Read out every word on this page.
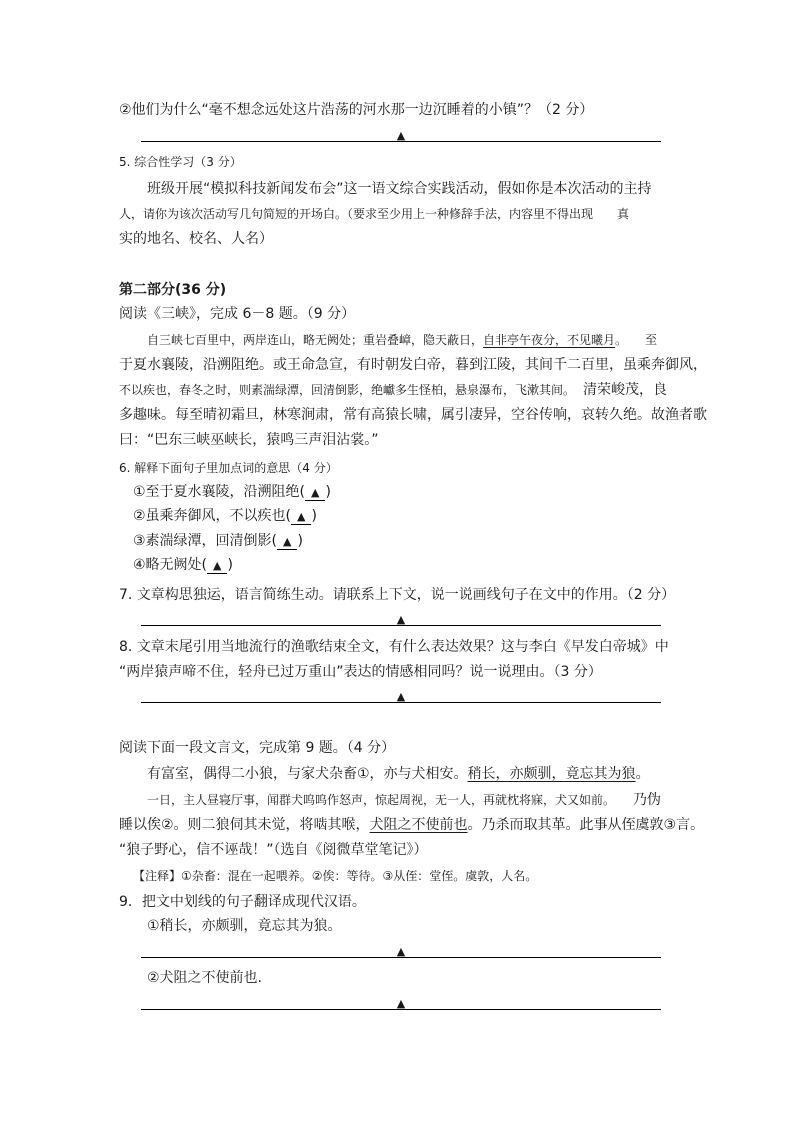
②他们为什么“毫不想念远处这片浩荡的河水那一边沉睡着的小镇”？（2 分）
▲
5. 综合性学习（3 分）
班级开展“模拟科技新闻发布会”这一语文综合实践活动，假如你是本次活动的主持
人，请你为该次活动写几句简短的开场白。（要求至少用上一种修辞手法，内容里不得出现　　真
实的地名、校名、人名）
第二部分(36 分)
阅读《三峡》，完成 6－8 题。（9 分）
自三峡七百里中，两岸连山，略无阙处；重岩叠嶂，隐天蔽日，自非亭午夜分，不见曦月。　　至
于夏水襄陵，沿溯阻绝。或王命急宣，有时朝发白帝，暮到江陵，其间千二百里，虽乘奔御风，
不以疾也，春冬之时，则素湍绿潭，回清倒影，绝巘多生怪柏，悬泉瀑布，飞漱其间。　清荣峻茂，良
多趣味。每至晴初霜旦，林寒涧肃，常有高猿长啸，属引凄异，空谷传响，哀转久绝。故渔者歌
曰：“巴东三峡巫峡长，猿鸣三声泪沾裳。”
6. 解释下面句子里加点词的意思（4 分）
①至于夏水襄陵，沿溯阻绝( ▲ )
②虽乘奔御风，不以疾也( ▲ )
③素湍绿潭，回清倒影( ▲ )
④略无阙处( ▲ )
7. 文章构思独运，语言简练生动。请联系上下文，说一说画线句子在文中的作用。（2 分）
▲
8. 文章末尾引用当地流行的渔歌结束全文，有什么表达效果？这与李白《早发白帝城》中
“两岸猿声啼不住，轻舟已过万重山”表达的情感相同吗？说一说理由。（3 分）
▲
阅读下面一段文言文，完成第 9 题。（4 分）
有富室，偶得二小狼，与家犬杂畜①，亦与犬相安。稍长，亦颇驯，竟忘其为狼。
一日，主人昼寝厅事，闻群犬呜呜作怒声，惊起周视，无一人，再就枕将寐，犬又如前。 乃伪
睡以俟②。则二狼伺其未觉，将啮其喉，犬阻之不使前也。乃杀而取其革。此事从侄虞敦③言。
“狼子野心，信不诬哉！”（选自《阅微草堂笔记》）
【注释】①杂畜：混在一起喂养。②俟：等待。③从侄：堂侄。虞敦，人名。
9．把文中划线的句子翻译成现代汉语。
①稍长，亦颇驯，竟忘其为狼。
▲
②犬阻之不使前也.
▲
